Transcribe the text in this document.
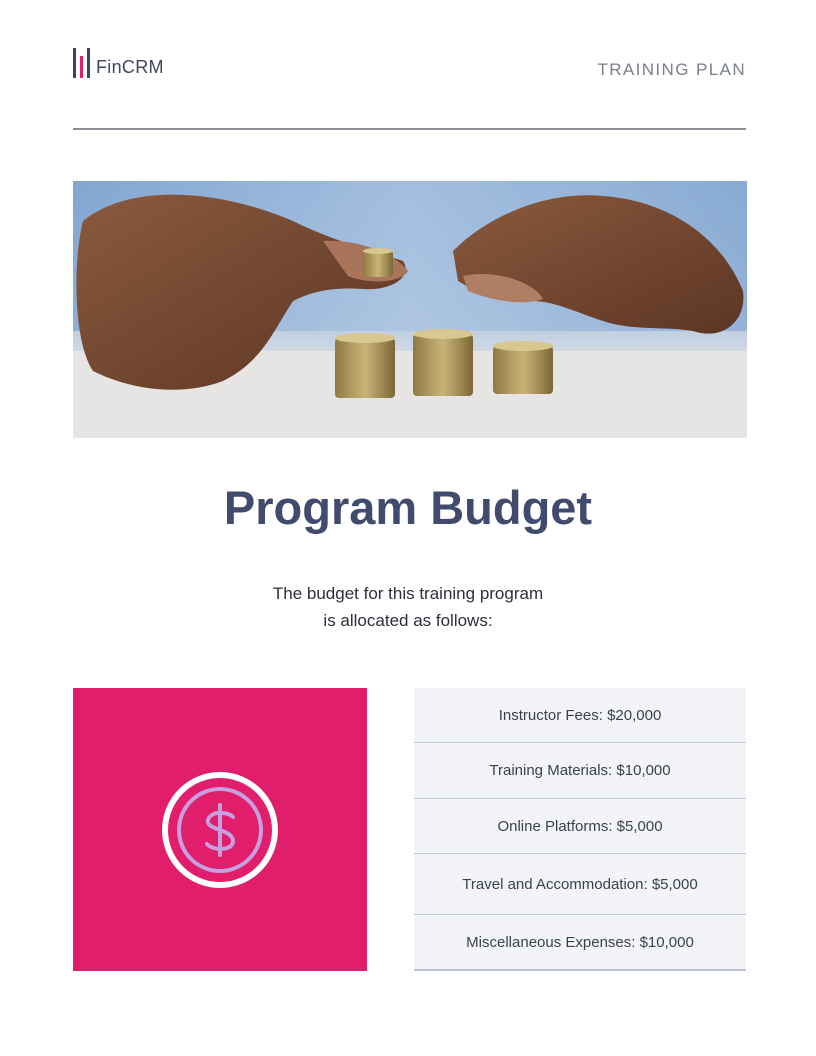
FinCRM	TRAINING PLAN
Program Budget
The budget for this training program
is allocated as follows:
Instructor Fees: $20,000
Training Materials: $10,000
Online Platforms: $5,000
Travel and Accommodation: $5,000
Miscellaneous Expenses: $10,000
